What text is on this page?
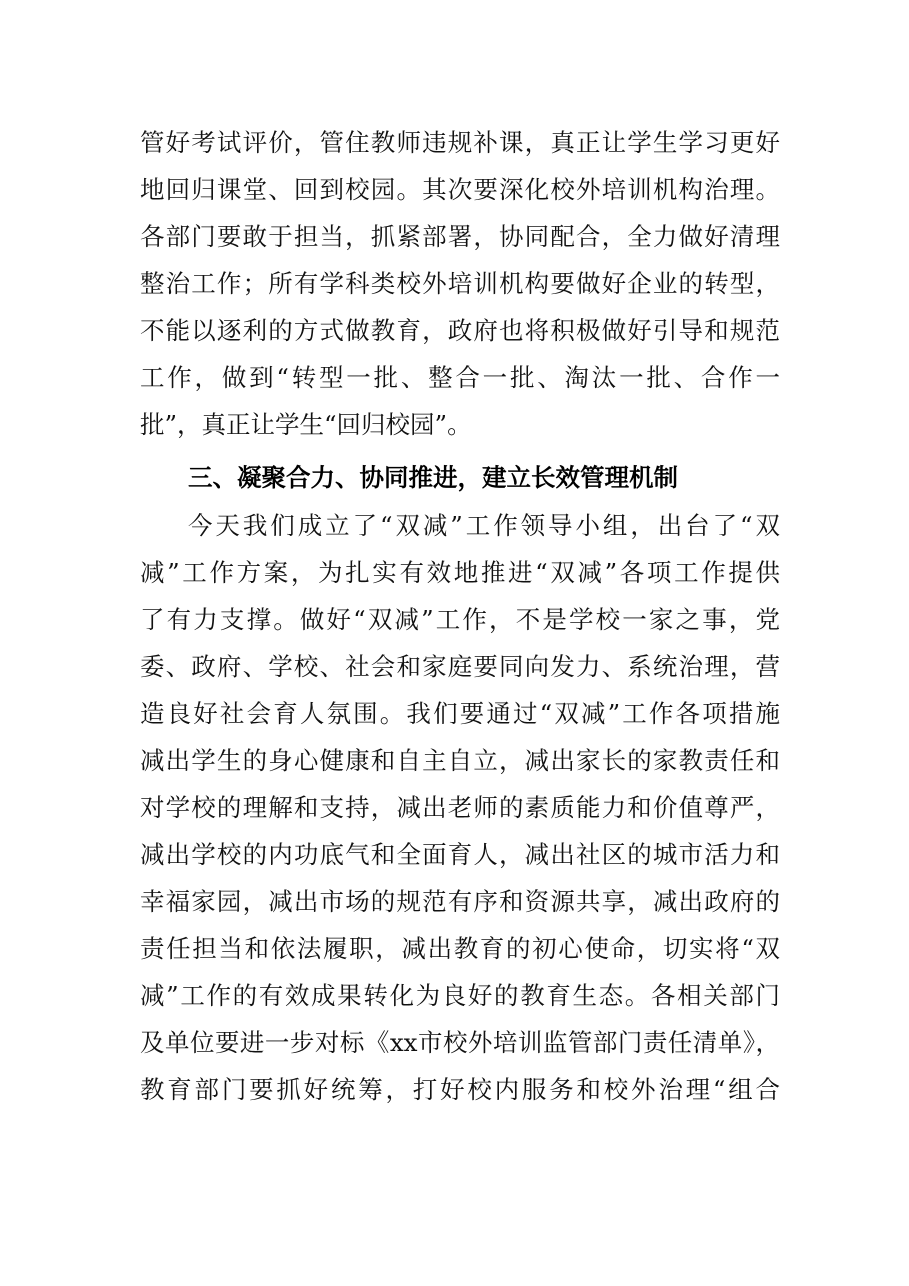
管好考试评价，管住教师违规补课，真正让学生学习更好
地回归课堂、回到校园。其次要深化校外培训机构治理。
各部门要敢于担当，抓紧部署，协同配合，全力做好清理
整治工作；所有学科类校外培训机构要做好企业的转型，
不能以逐利的方式做教育，政府也将积极做好引导和规范
工作，做到“转型一批、整合一批、淘汰一批、合作一
批”，真正让学生“回归校园”。
三、凝聚合力、协同推进，建立长效管理机制
今天我们成立了“双减”工作领导小组，出台了“双
减”工作方案，为扎实有效地推进“双减”各项工作提供
了有力支撑。做好“双减”工作，不是学校一家之事，党
委、政府、学校、社会和家庭要同向发力、系统治理，营
造良好社会育人氛围。我们要通过“双减”工作各项措施
减出学生的身心健康和自主自立，减出家长的家教责任和
对学校的理解和支持，减出老师的素质能力和价值尊严，
减出学校的内功底气和全面育人，减出社区的城市活力和
幸福家园，减出市场的规范有序和资源共享，减出政府的
责任担当和依法履职，减出教育的初心使命，切实将“双
减”工作的有效成果转化为良好的教育生态。各相关部门
及单位要进一步对标《xx市校外培训监管部门责任清单》，
教育部门要抓好统筹，打好校内服务和校外治理“组合
